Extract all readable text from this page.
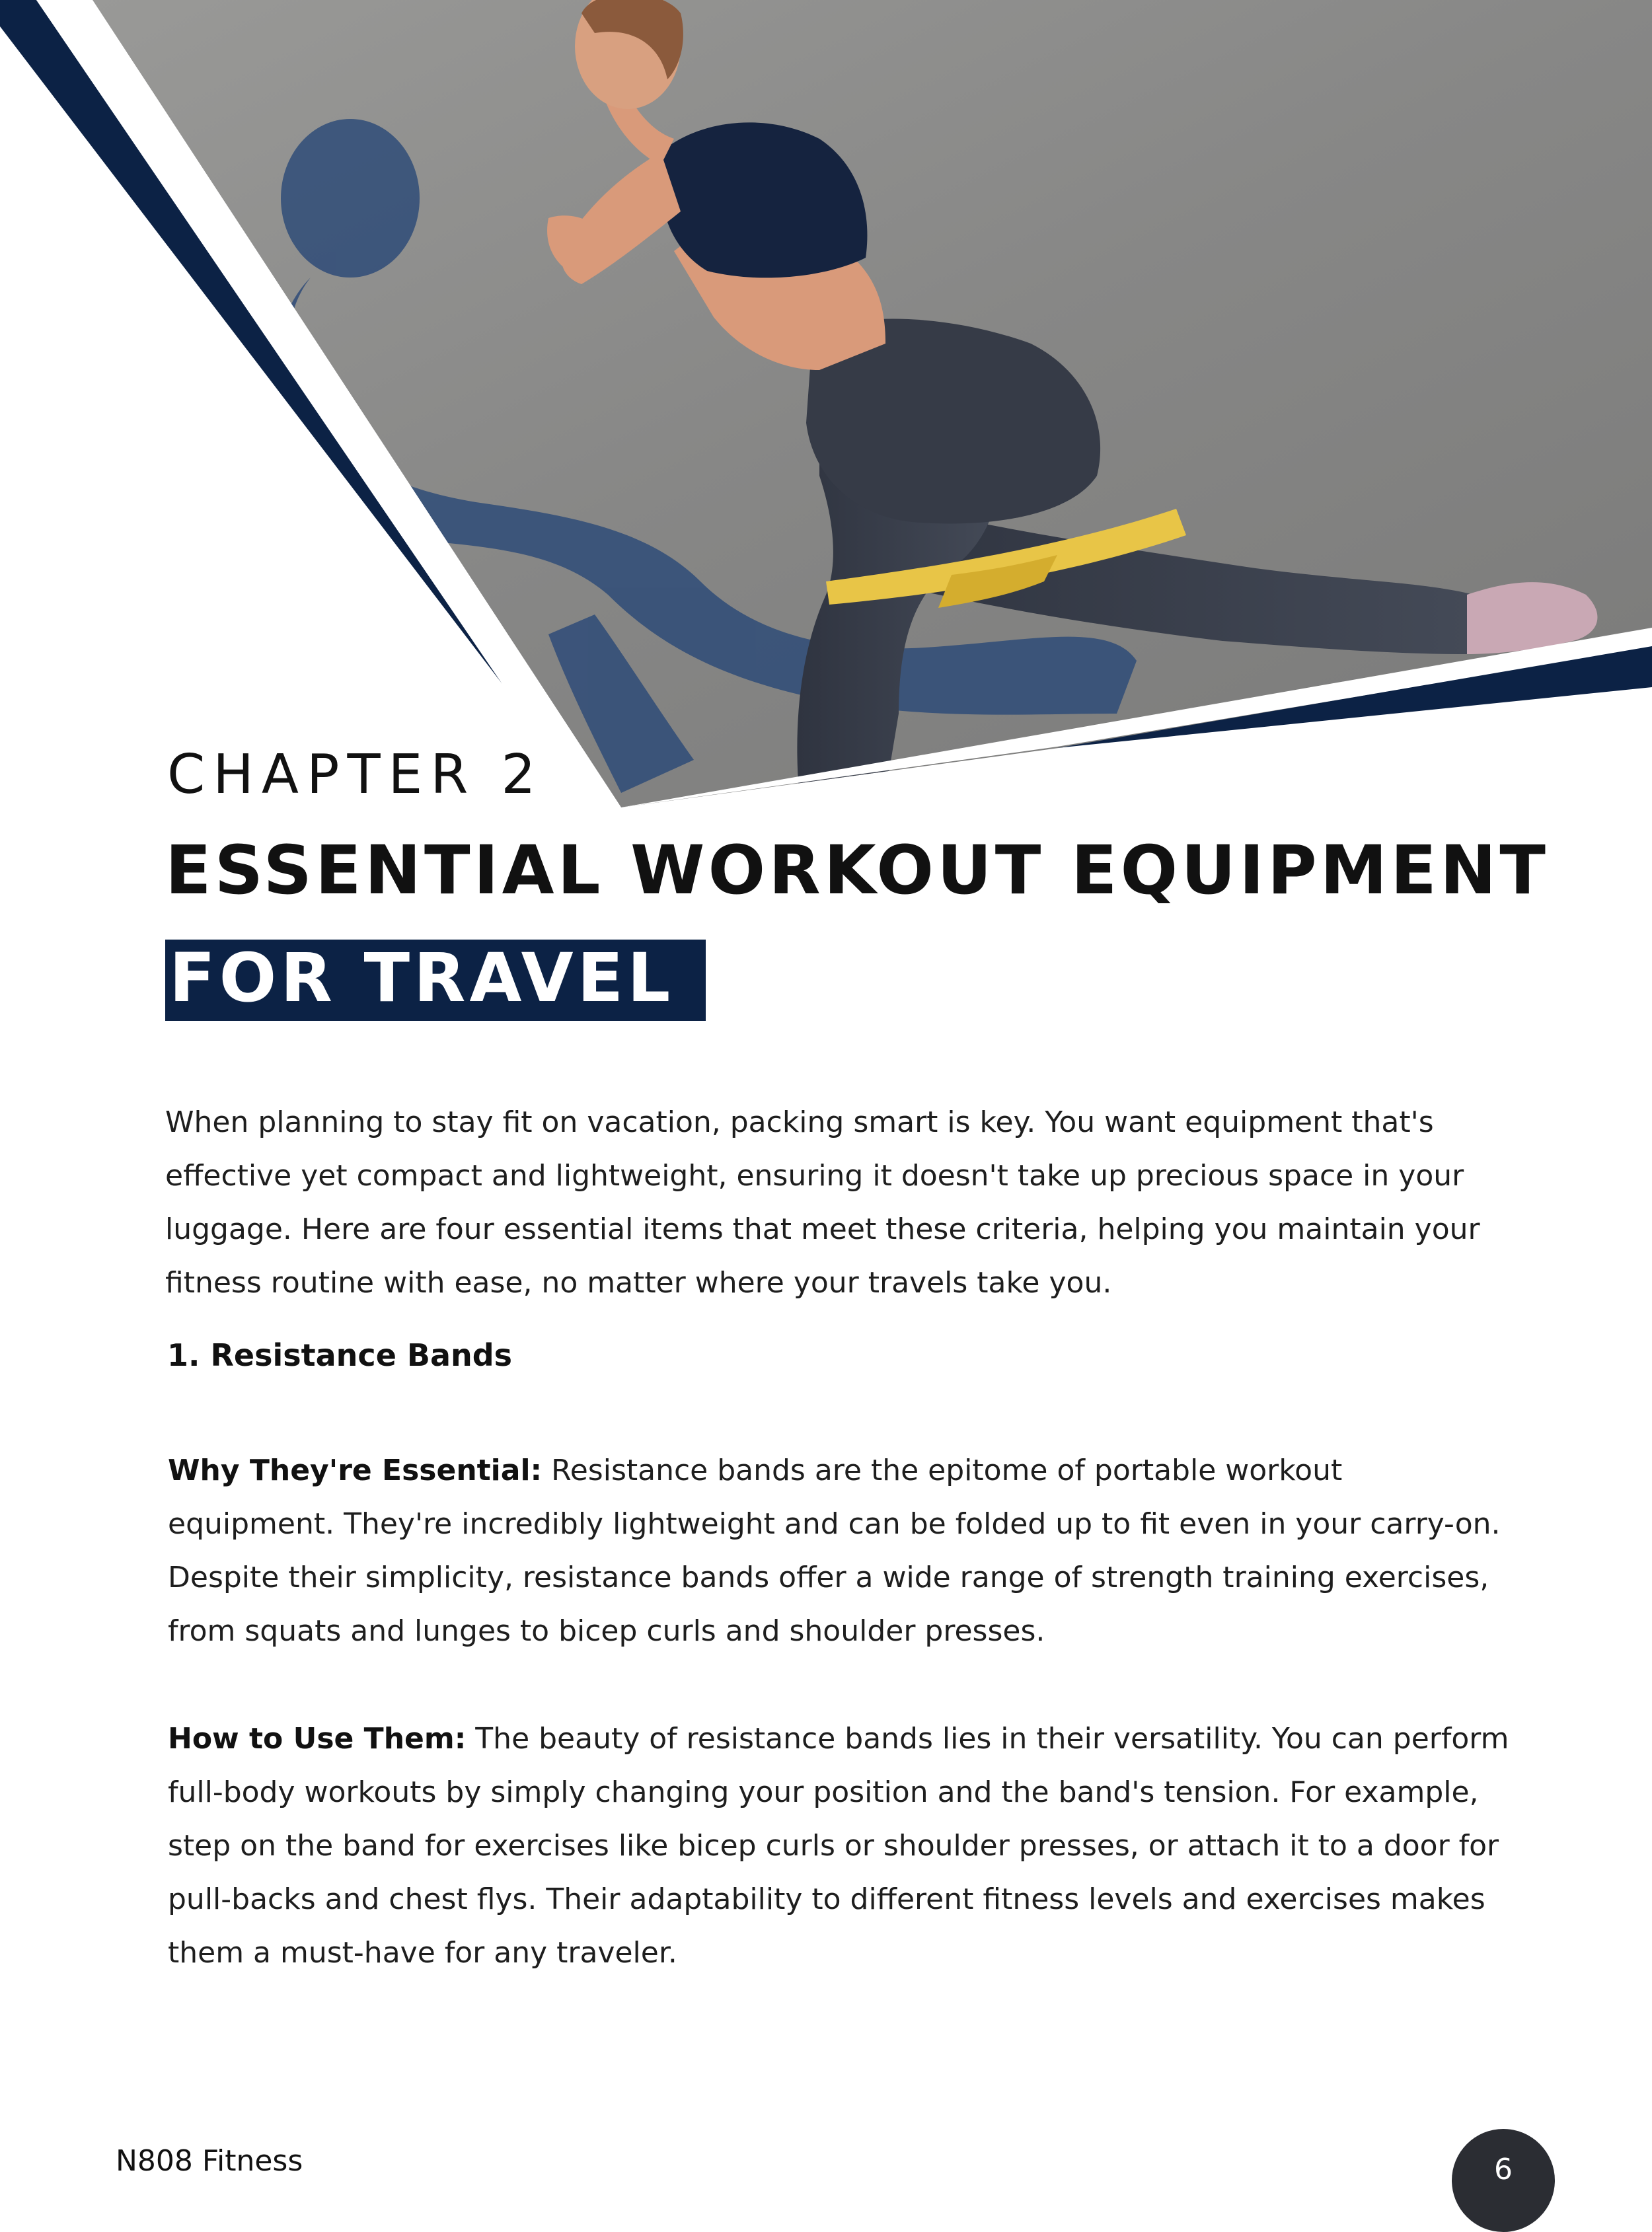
CHAPTER 2
ESSENTIAL WORKOUT EQUIPMENT
FOR TRAVEL

When planning to stay fit on vacation, packing smart is key. You want equipment that's effective yet compact and lightweight, ensuring it doesn't take up precious space in your luggage. Here are four essential items that meet these criteria, helping you maintain your fitness routine with ease, no matter where your travels take you.

1. Resistance Bands

Why They're Essential: Resistance bands are the epitome of portable workout equipment. They're incredibly lightweight and can be folded up to fit even in your carry-on. Despite their simplicity, resistance bands offer a wide range of strength training exercises, from squats and lunges to bicep curls and shoulder presses.

How to Use Them: The beauty of resistance bands lies in their versatility. You can perform full-body workouts by simply changing your position and the band's tension. For example, step on the band for exercises like bicep curls or shoulder presses, or attach it to a door for pull-backs and chest flys. Their adaptability to different fitness levels and exercises makes them a must-have for any traveler.

N808 Fitness	6
